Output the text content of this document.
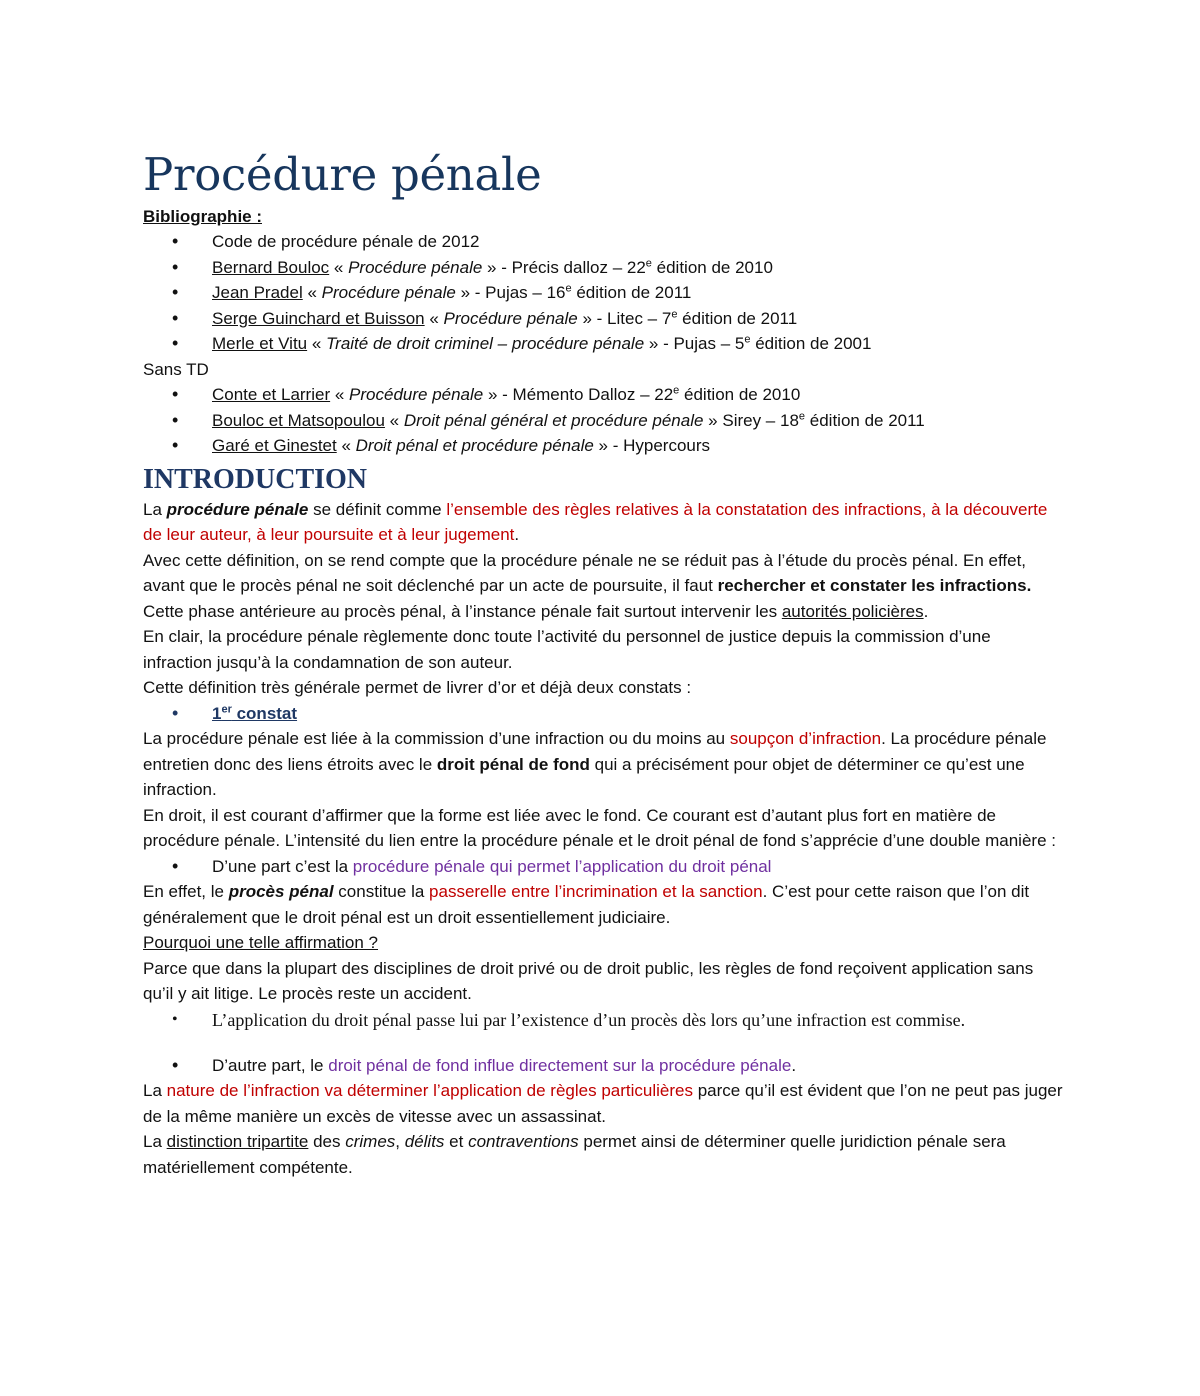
Procédure pénale
Bibliographie :
• Code de procédure pénale de 2012
• Bernard Bouloc « Procédure pénale » - Précis dalloz – 22e édition de 2010
• Jean Pradel « Procédure pénale » - Pujas – 16e édition de 2011
• Serge Guinchard et Buisson « Procédure pénale » - Litec – 7e édition de 2011
• Merle et Vitu « Traité de droit criminel – procédure pénale » - Pujas – 5e édition de 2001
Sans TD
• Conte et Larrier « Procédure pénale » - Mémento Dalloz – 22e édition de 2010
• Bouloc et Matsopoulou « Droit pénal général et procédure pénale » Sirey – 18e édition de 2011
• Garé et Ginestet « Droit pénal et procédure pénale » - Hypercours
INTRODUCTION

La procédure pénale se définit comme l’ensemble des règles relatives à la constatation des infractions, à la découverte de leur auteur, à leur poursuite et à leur jugement.

Avec cette définition, on se rend compte que la procédure pénale ne se réduit pas à l’étude du procès pénal. En effet, avant que le procès pénal ne soit déclenché par un acte de poursuite, il faut rechercher et constater les infractions.

Cette phase antérieure au procès pénal, à l’instance pénale fait surtout intervenir les autorités policières.

En clair, la procédure pénale règlemente donc toute l’activité du personnel de justice depuis la commission d’une infraction jusqu’à la condamnation de son auteur.

Cette définition très générale permet de livrer d’or et déjà deux constats :

• 1er constat

La procédure pénale est liée à la commission d’une infraction ou du moins au soupçon d’infraction. La procédure pénale entretien donc des liens étroits avec le droit pénal de fond qui a précisément pour objet de déterminer ce qu’est une infraction.

En droit, il est courant d’affirmer que la forme est liée avec le fond. Ce courant est d’autant plus fort en matière de procédure pénale. L’intensité du lien entre la procédure pénale et le droit pénal de fond s’apprécie d’une double manière :

• D’une part c’est la procédure pénale qui permet l’application du droit pénal

En effet, le procès pénal constitue la passerelle entre l’incrimination et la sanction. C’est pour cette raison que l’on dit généralement que le droit pénal est un droit essentiellement judiciaire.

Pourquoi une telle affirmation ?

Parce que dans la plupart des disciplines de droit privé ou de droit public, les règles de fond reçoivent application sans qu’il y ait litige. Le procès reste un accident.

• L’application du droit pénal passe lui par l’existence d’un procès dès lors qu’une infraction est commise.
• D’autre part, le droit pénal de fond influe directement sur la procédure pénale.

La nature de l’infraction va déterminer l’application de règles particulières parce qu’il est évident que l’on ne peut pas juger de la même manière un excès de vitesse avec un assassinat.

La distinction tripartite des crimes, délits et contraventions permet ainsi de déterminer quelle juridiction pénale sera matériellement compétente.
